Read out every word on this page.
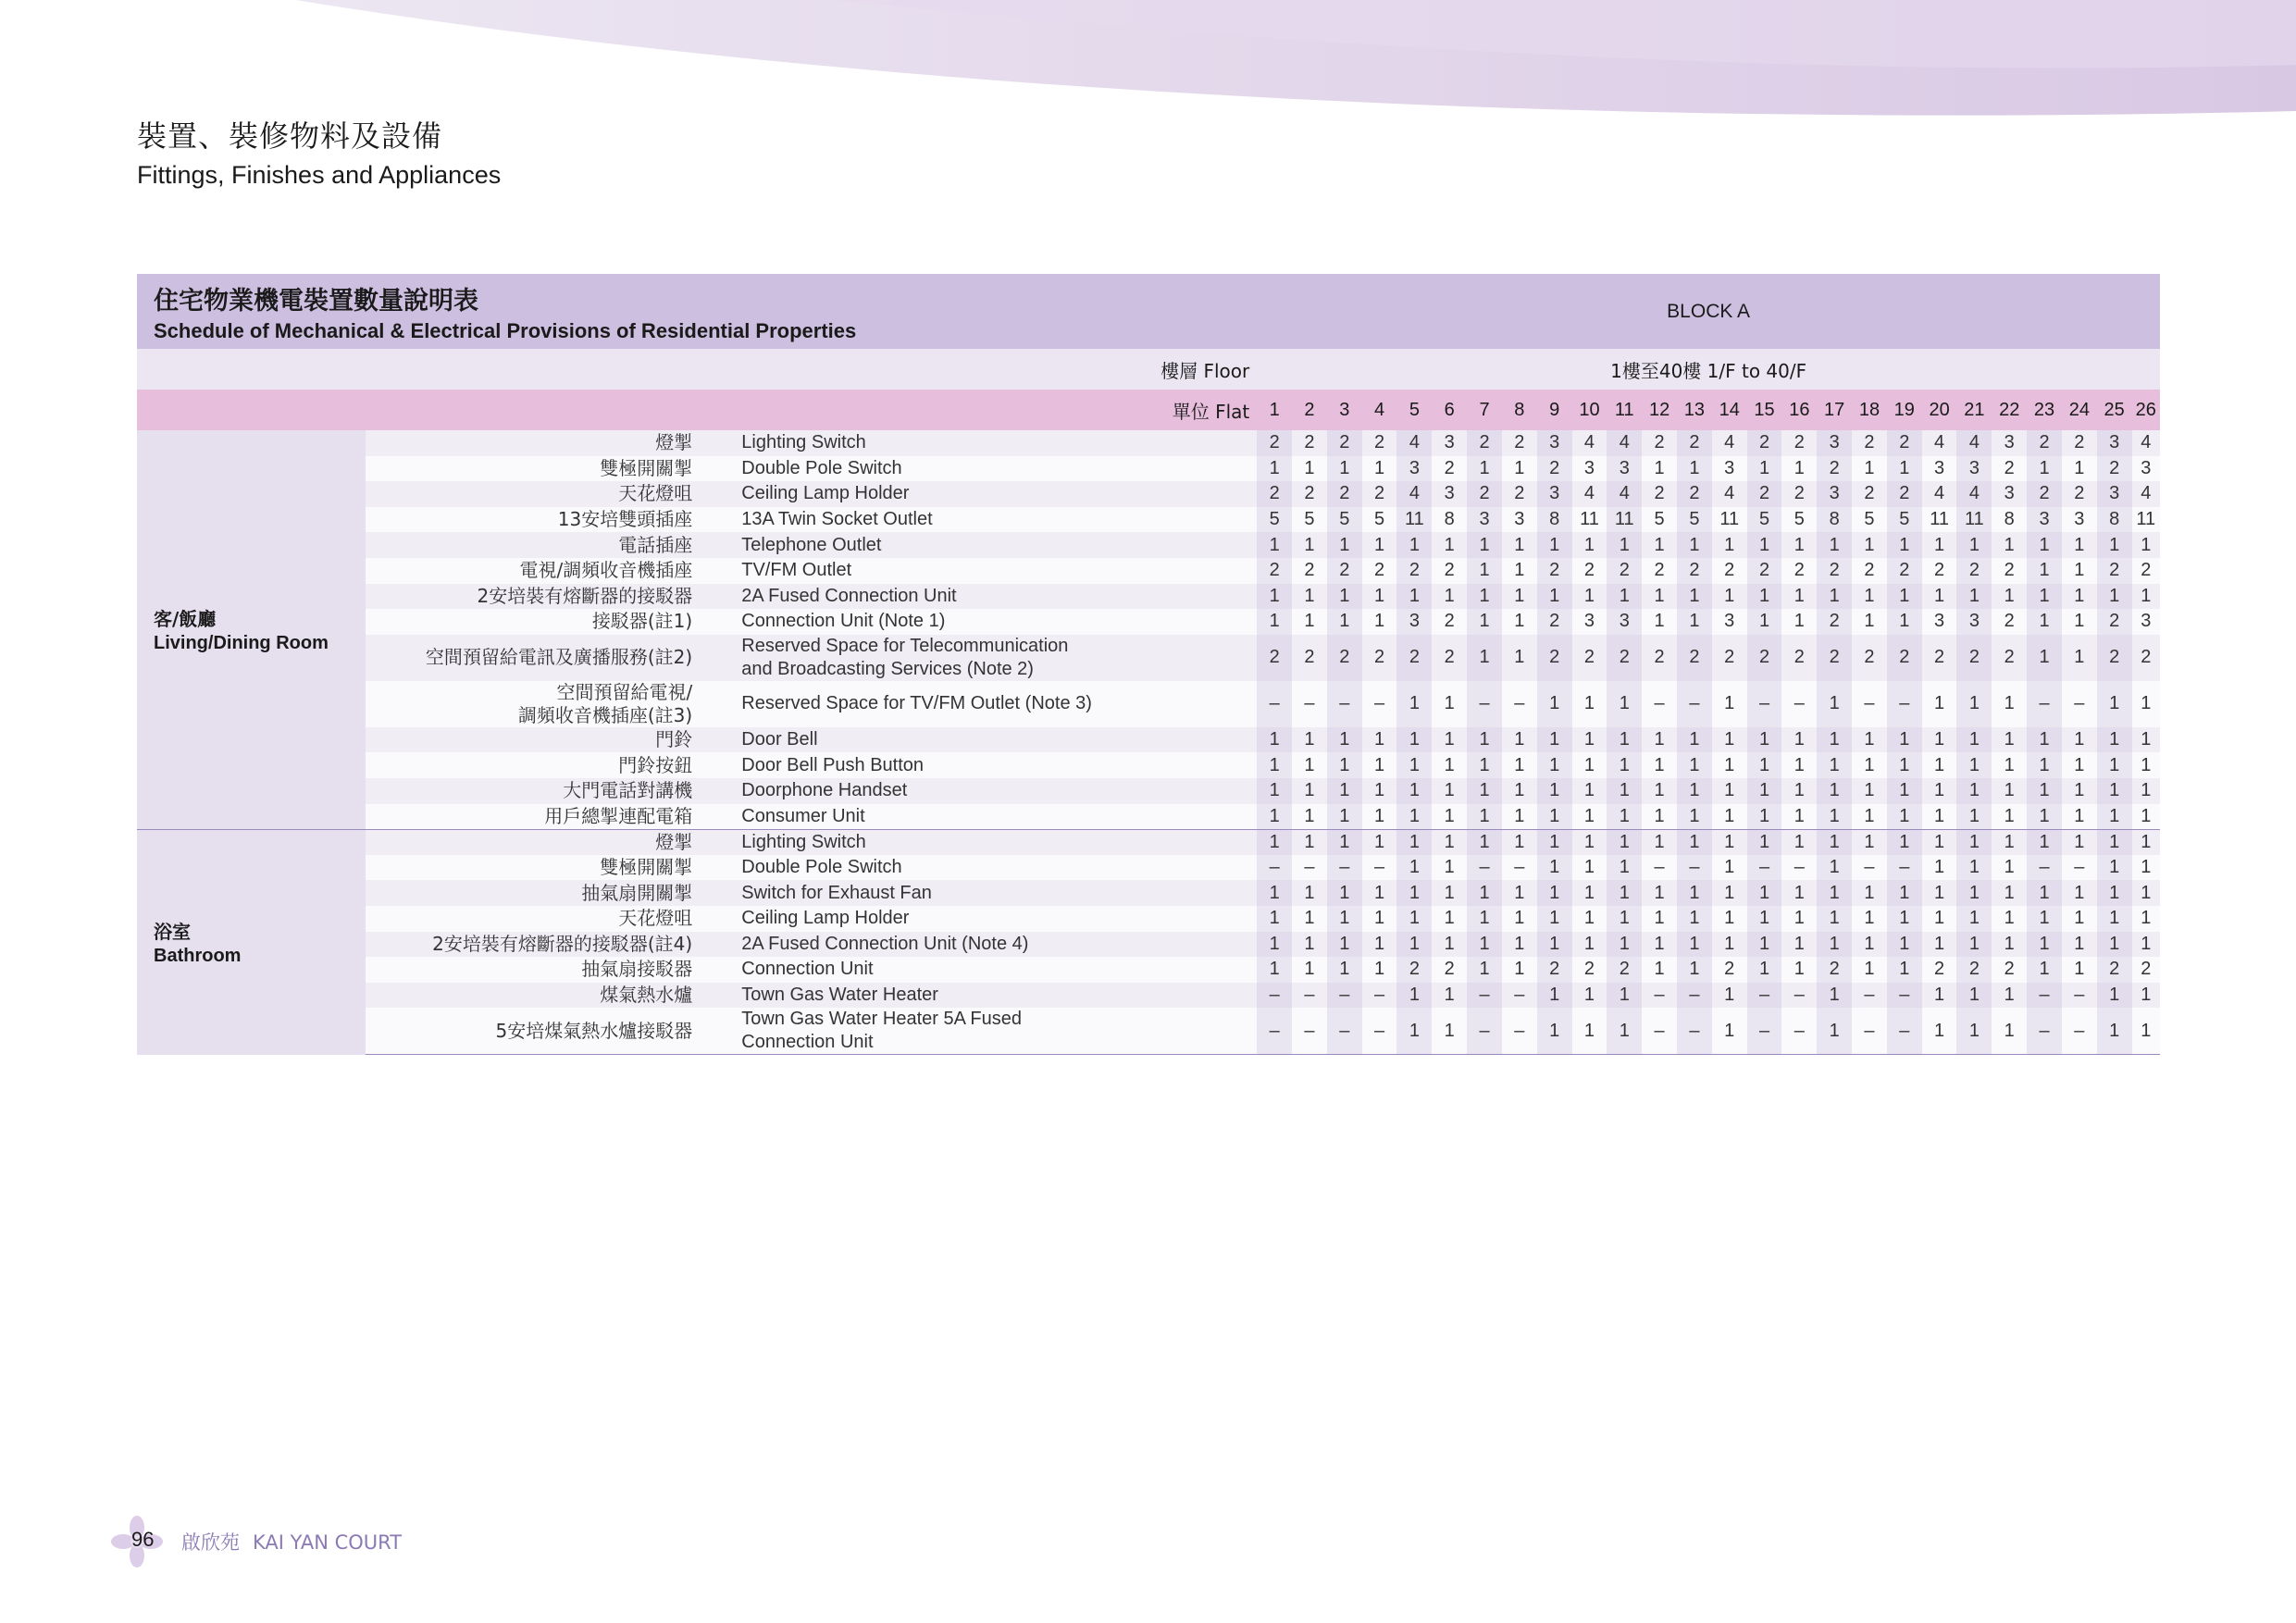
裝置、裝修物料及設備
Fittings, Finishes and Appliances
住宅物業機電裝置數量說明表
Schedule of Mechanical & Electrical Provisions of Residential Properties				BLOCK A																									
樓層 Floor				1樓至40樓 1/F to 40/F																									
單位 Flat				1	2	3	4	5	6	7	8	9	10	11	12	13	14	15	16	17	18	19	20	21	22	23	24	25	26

客/飯廳
Living/Dining Room	燈掣		Lighting Switch	2	2	2	2	4	3	2	2	3	4	4	2	2	4	2	2	3	2	2	4	4	3	2	2	3	4
	雙極開關掣		Double Pole Switch	1	1	1	1	3	2	1	1	2	3	3	1	1	3	1	1	2	1	1	3	3	2	1	1	2	3
	天花燈咀		Ceiling Lamp Holder	2	2	2	2	4	3	2	2	3	4	4	2	2	4	2	2	3	2	2	4	4	3	2	2	3	4
	13安培雙頭插座		13A Twin Socket Outlet	5	5	5	5	11	8	3	3	8	11	11	5	5	11	5	5	8	5	5	11	11	8	3	3	8	11
	電話插座		Telephone Outlet	1	1	1	1	1	1	1	1	1	1	1	1	1	1	1	1	1	1	1	1	1	1	1	1	1	1
	電視/調頻收音機插座		TV/FM Outlet	2	2	2	2	2	2	1	1	2	2	2	2	2	2	2	2	2	2	2	2	2	2	1	1	2	2
	2安培裝有熔斷器的接駁器		2A Fused Connection Unit	1	1	1	1	1	1	1	1	1	1	1	1	1	1	1	1	1	1	1	1	1	1	1	1	1	1
	接駁器(註1)		Connection Unit (Note 1)	1	1	1	1	3	2	1	1	2	3	3	1	1	3	1	1	2	1	1	3	3	2	1	1	2	3
	空間預留給電訊及廣播服務(註2)		Reserved Space for Telecommunication
and Broadcasting Services (Note 2)	2	2	2	2	2	2	1	1	2	2	2	2	2	2	2	2	2	2	2	2	2	2	1	1	2	2

	空間預留給電視/
調頻收音機插座(註3)		Reserved Space for TV/FM Outlet (Note 3)	–	–	–	–	1	1	–	–	1	1	1	–	–	1	–	–	1	–	–	1	1	1	–	–	1	1
	門鈴		Door Bell	1	1	1	1	1	1	1	1	1	1	1	1	1	1	1	1	1	1	1	1	1	1	1	1	1	1
	門鈴按鈕		Door Bell Push Button	1	1	1	1	1	1	1	1	1	1	1	1	1	1	1	1	1	1	1	1	1	1	1	1	1	1
	大門電話對講機		Doorphone Handset	1	1	1	1	1	1	1	1	1	1	1	1	1	1	1	1	1	1	1	1	1	1	1	1	1	1
	用戶總掣連配電箱		Consumer Unit	1	1	1	1	1	1	1	1	1	1	1	1	1	1	1	1	1	1	1	1	1	1	1	1	1	1

浴室
Bathroom	燈掣		Lighting Switch	1	1	1	1	1	1	1	1	1	1	1	1	1	1	1	1	1	1	1	1	1	1	1	1	1	1
	雙極開關掣		Double Pole Switch	–	–	–	–	1	1	–	–	1	1	1	–	–	1	–	–	1	–	–	1	1	1	–	–	1	1
	抽氣扇開關掣		Switch for Exhaust Fan	1	1	1	1	1	1	1	1	1	1	1	1	1	1	1	1	1	1	1	1	1	1	1	1	1	1
	天花燈咀		Ceiling Lamp Holder	1	1	1	1	1	1	1	1	1	1	1	1	1	1	1	1	1	1	1	1	1	1	1	1	1	1
	2安培裝有熔斷器的接駁器(註4)		2A Fused Connection Unit (Note 4)	1	1	1	1	1	1	1	1	1	1	1	1	1	1	1	1	1	1	1	1	1	1	1	1	1	1
	抽氣扇接駁器		Connection Unit	1	1	1	1	2	2	1	1	2	2	2	1	1	2	1	1	2	1	1	2	2	2	1	1	2	2
	煤氣熱水爐		Town Gas Water Heater	–	–	–	–	1	1	–	–	1	1	1	–	–	1	–	–	1	–	–	1	1	1	–	–	1	1
	5安培煤氣熱水爐接駁器		Town Gas Water Heater 5A Fused
Connection Unit	–	–	–	–	1	1	–	–	1	1	1	–	–	1	–	–	1	–	–	1	1	1	–	–	1	1
96 啟欣苑 KAI YAN COURT
